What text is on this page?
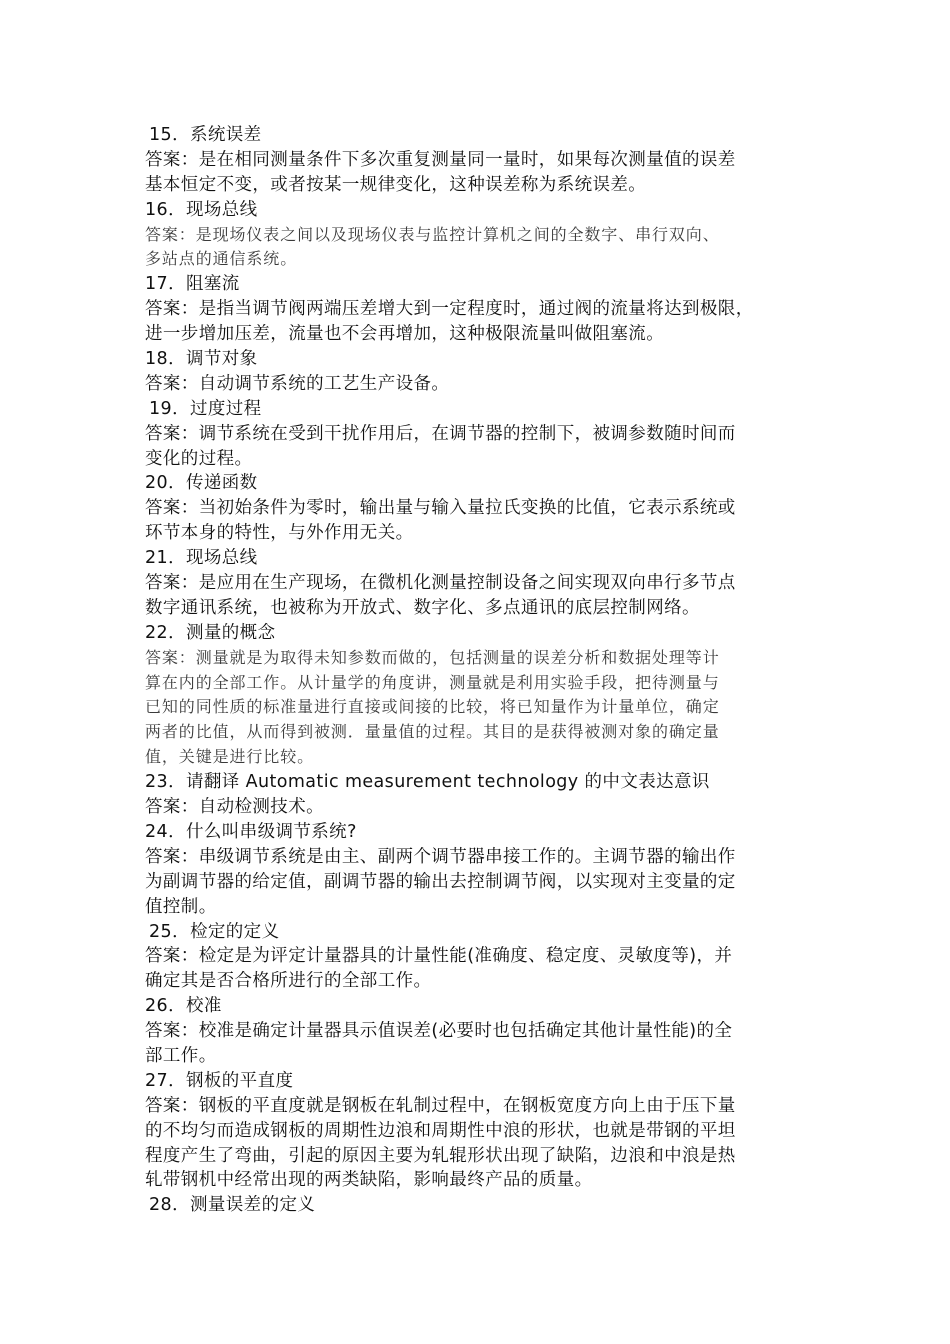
15．系统误差

答案：是在相同测量条件下多次重复测量同一量时，如果每次测量值的误差

基本恒定不变，或者按某一规律变化，这种误差称为系统误差。

16．现场总线

答案：是现场仪表之间以及现场仪表与监控计算机之间的全数字、串行双向、

多站点的通信系统。

17．阻塞流

答案：是指当调节阀两端压差增大到一定程度时，通过阀的流量将达到极限，

进一步增加压差，流量也不会再增加，这种极限流量叫做阻塞流。

18．调节对象

答案：自动调节系统的工艺生产设备。

19．过度过程

答案：调节系统在受到干扰作用后，在调节器的控制下，被调参数随时间而

变化的过程。

20．传递函数

答案：当初始条件为零时，输出量与输入量拉氏变换的比值，它表示系统或

环节本身的特性，与外作用无关。

21．现场总线

答案：是应用在生产现场，在微机化测量控制设备之间实现双向串行多节点

数字通讯系统，也被称为开放式、数字化、多点通讯的底层控制网络。

22．测量的概念

答案：测量就是为取得未知参数而做的，包括测量的误差分析和数据处理等计

算在内的全部工作。从计量学的角度讲，测量就是利用实验手段，把待测量与

已知的同性质的标准量进行直接或间接的比较，将已知量作为计量单位，确定

两者的比值，从而得到被测．量量值的过程。其目的是获得被测对象的确定量

值，关键是进行比较。

23．请翻译 Automatic measurement technology 的中文表达意识

答案：自动检测技术。

24．什么叫串级调节系统?

答案：串级调节系统是由主、副两个调节器串接工作的。主调节器的输出作

为副调节器的给定值，副调节器的输出去控制调节阀，以实现对主变量的定

值控制。

25．检定的定义

答案：检定是为评定计量器具的计量性能(准确度、稳定度、灵敏度等)，并

确定其是否合格所进行的全部工作。

26．校准

答案：校准是确定计量器具示值误差(必要时也包括确定其他计量性能)的全

部工作。

27．钢板的平直度

答案：钢板的平直度就是钢板在轧制过程中，在钢板宽度方向上由于压下量

的不均匀而造成钢板的周期性边浪和周期性中浪的形状，也就是带钢的平坦

程度产生了弯曲，引起的原因主要为轧辊形状出现了缺陷，边浪和中浪是热

轧带钢机中经常出现的两类缺陷，影响最终产品的质量。

28．测量误差的定义
